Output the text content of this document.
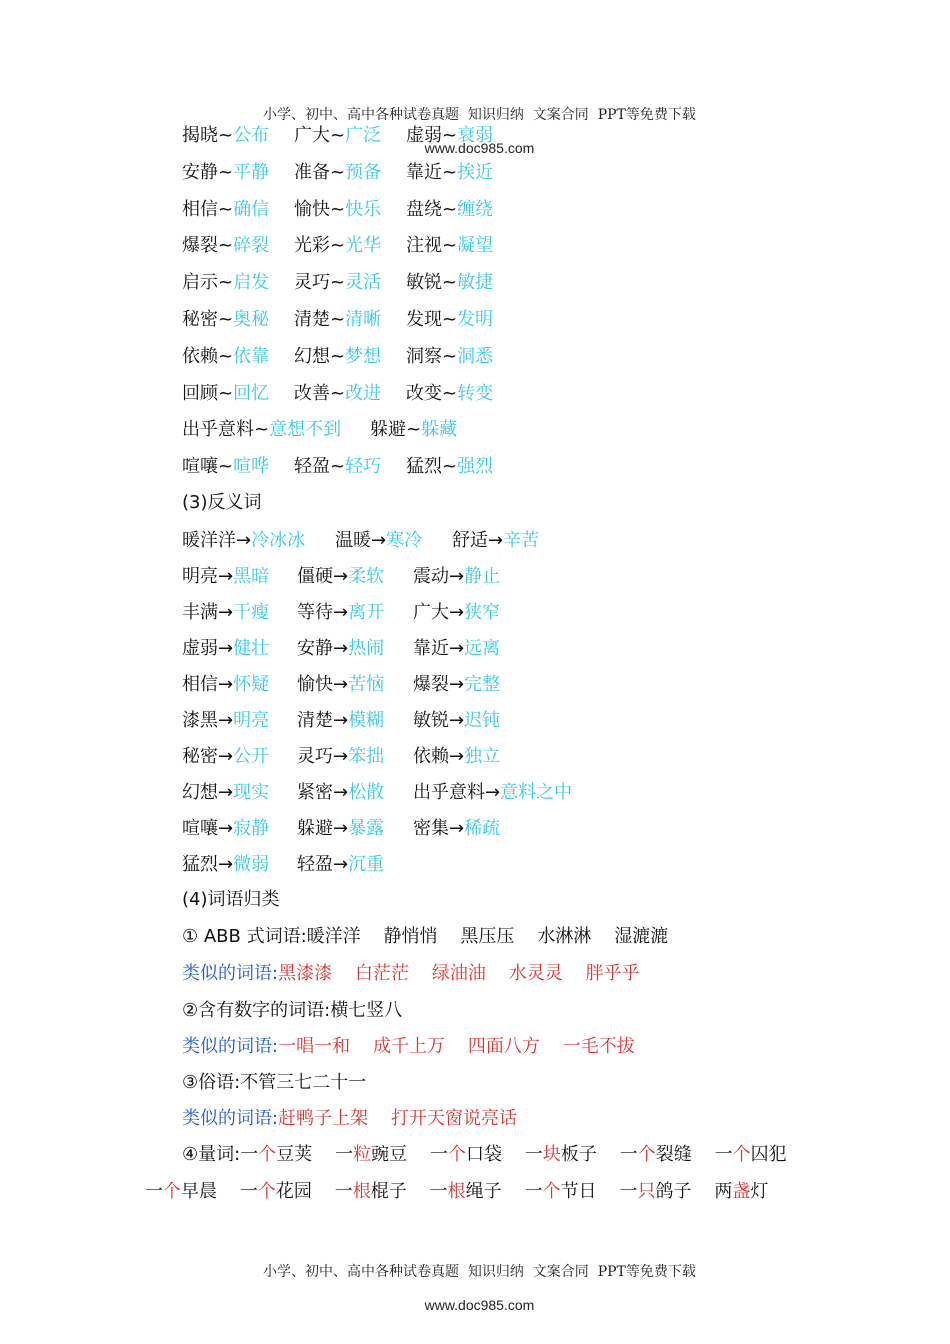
小学、初中、高中各种试卷真题  知识归纳  文案合同  PPT等免费下载

www.doc985.com

揭晓~公布 广大~广泛 虚弱~衰弱
安静~平静 准备~预备 靠近~挨近
相信~确信 愉快~快乐 盘绕~缠绕
爆裂~碎裂 光彩~光华 注视~凝望
启示~启发 灵巧~灵活 敏锐~敏捷
秘密~奥秘 清楚~清晰 发现~发明
依赖~依靠 幻想~梦想 洞察~洞悉
回顾~回忆 改善~改进 改变~转变
出乎意料~意想不到 躲避~躲藏
喧嚷~喧哗 轻盈~轻巧 猛烈~强烈
(3)反义词
暖洋洋→冷冰冰 温暖→寒冷 舒适→辛苦
明亮→黑暗 僵硬→柔软 震动→静止
丰满→干瘦 等待→离开 广大→狭窄
虚弱→健壮 安静→热闹 靠近→远离
相信→怀疑 愉快→苦恼 爆裂→完整
漆黑→明亮 清楚→模糊 敏锐→迟钝
秘密→公开 灵巧→笨拙 依赖→独立
幻想→现实 紧密→松散 出乎意料→意料之中
喧嚷→寂静 躲避→暴露 密集→稀疏
猛烈→微弱 轻盈→沉重
(4)词语归类
① ABB 式词语:暖洋洋    静悄悄    黑压压    水淋淋    湿漉漉
类似的词语:黑漆漆    白茫茫    绿油油    水灵灵    胖乎乎
②含有数字的词语:横七竖八
类似的词语:一唱一和    成千上万    四面八方    一毛不拔
③俗语:不管三七二十一
类似的词语:赶鸭子上架    打开天窗说亮话
④量词:一个豆荚    一粒豌豆    一个口袋    一块板子    一个裂缝    一个囚犯
一个早晨    一个花园    一根棍子    一根绳子    一个节日    一只鸽子    两盏灯

小学、初中、高中各种试卷真题  知识归纳  文案合同  PPT等免费下载

www.doc985.com
